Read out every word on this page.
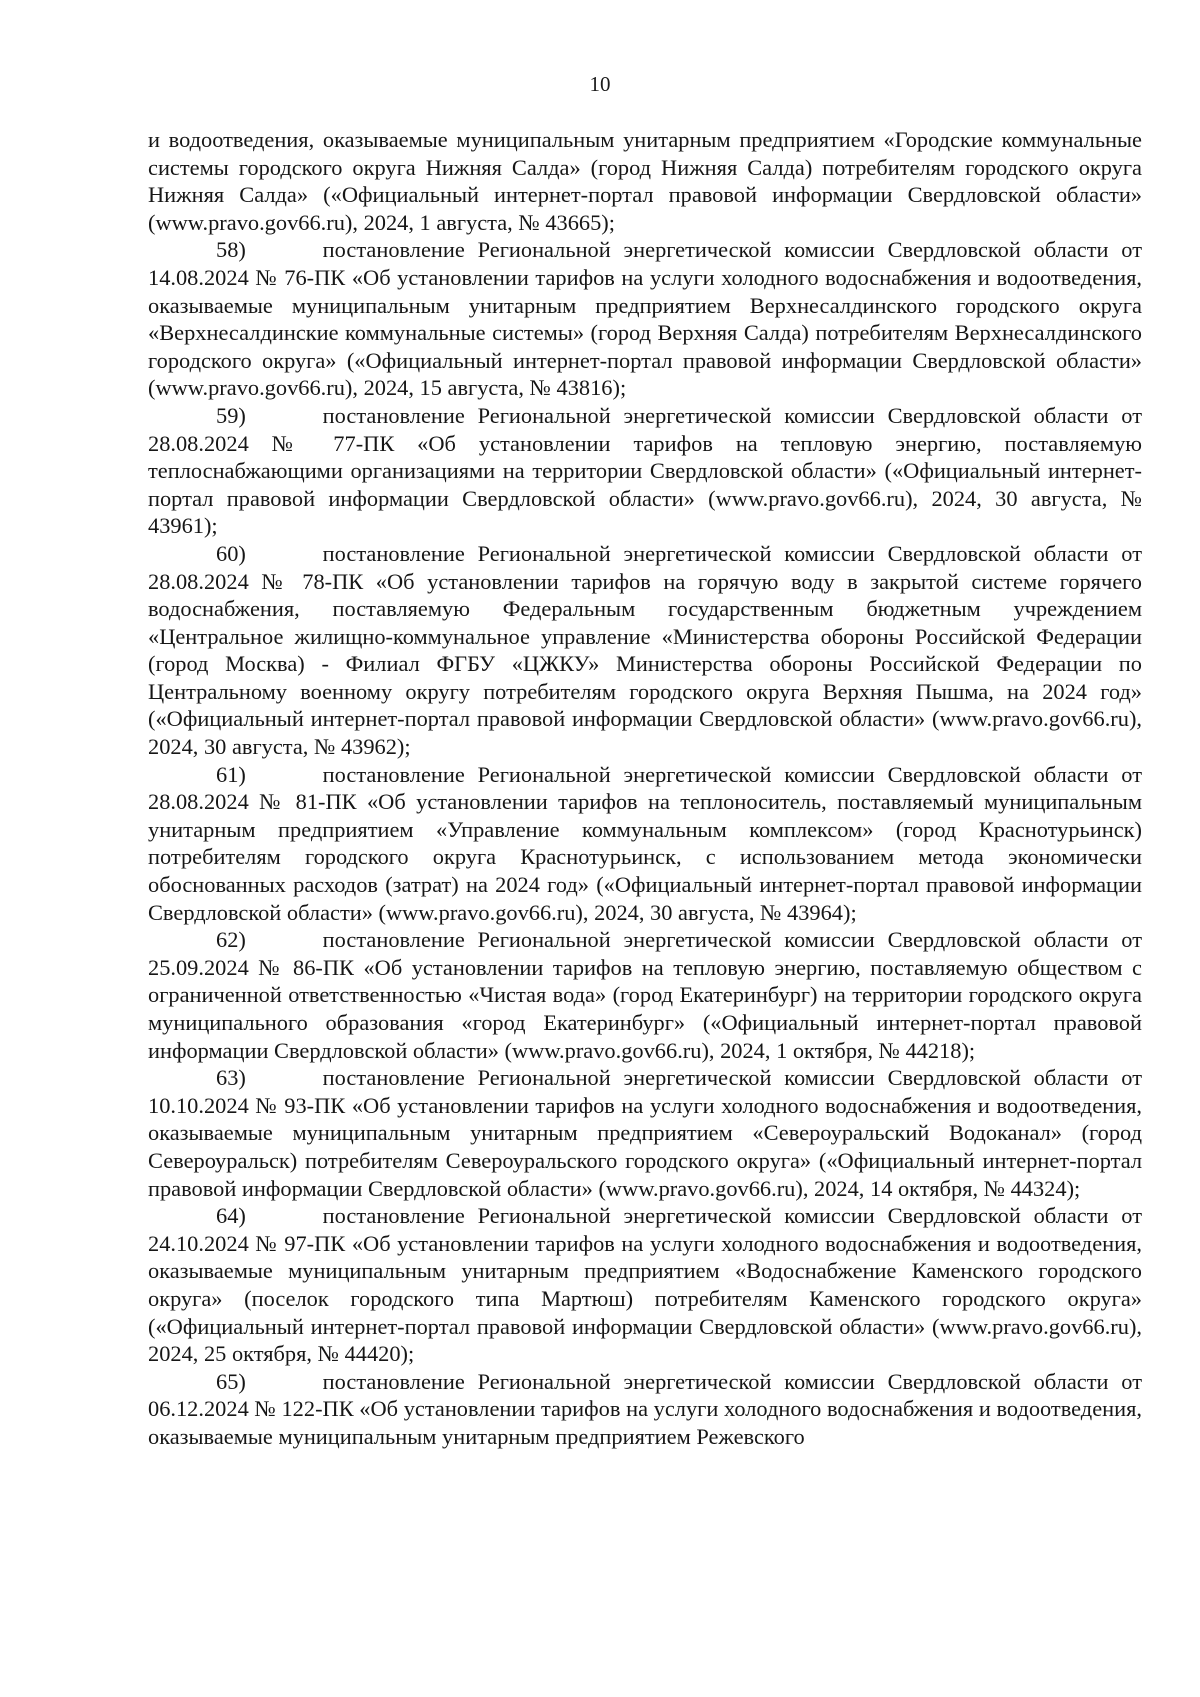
10

и водоотведения, оказываемые муниципальным унитарным предприятием «Городские коммунальные системы городского округа Нижняя Салда» (город Нижняя Салда) потребителям городского округа Нижняя Салда» («Официальный интернет-портал правовой информации Свердловской области» (www.pravo.gov66.ru), 2024, 1 августа, № 43665);

58)	постановление Региональной энергетической комиссии Свердловской области от 14.08.2024 № 76-ПК «Об установлении тарифов на услуги холодного водоснабжения и водоотведения, оказываемые муниципальным унитарным предприятием Верхнесалдинского городского округа «Верхнесалдинские коммунальные системы» (город Верхняя Салда) потребителям Верхнесалдинского городского округа» («Официальный интернет-портал правовой информации Свердловской области» (www.pravo.gov66.ru), 2024, 15 августа, № 43816);

59)	постановление Региональной энергетической комиссии Свердловской области от 28.08.2024 № 77-ПК «Об установлении тарифов на тепловую энергию, поставляемую теплоснабжающими организациями на территории Свердловской области» («Официальный интернет-портал правовой информации Свердловской области» (www.pravo.gov66.ru), 2024, 30 августа, № 43961);

60)	постановление Региональной энергетической комиссии Свердловской области от 28.08.2024 № 78-ПК «Об установлении тарифов на горячую воду в закрытой системе горячего водоснабжения, поставляемую Федеральным государственным бюджетным учреждением «Центральное жилищно-коммунальное управление «Министерства обороны Российской Федерации (город Москва) - Филиал ФГБУ «ЦЖКУ» Министерства обороны Российской Федерации по Центральному военному округу потребителям городского округа Верхняя Пышма, на 2024 год» («Официальный интернет-портал правовой информации Свердловской области» (www.pravo.gov66.ru), 2024, 30 августа, № 43962);

61)	постановление Региональной энергетической комиссии Свердловской области от 28.08.2024 № 81-ПК «Об установлении тарифов на теплоноситель, поставляемый муниципальным унитарным предприятием «Управление коммунальным комплексом» (город Краснотурьинск) потребителям городского округа Краснотурьинск, с использованием метода экономически обоснованных расходов (затрат) на 2024 год» («Официальный интернет-портал правовой информации Свердловской области» (www.pravo.gov66.ru), 2024, 30 августа, № 43964);

62)	постановление Региональной энергетической комиссии Свердловской области от 25.09.2024 № 86-ПК «Об установлении тарифов на тепловую энергию, поставляемую обществом с ограниченной ответственностью «Чистая вода» (город Екатеринбург) на территории городского округа муниципального образования «город Екатеринбург» («Официальный интернет-портал правовой информации Свердловской области» (www.pravo.gov66.ru), 2024, 1 октября, № 44218);

63)	постановление Региональной энергетической комиссии Свердловской области от 10.10.2024 № 93-ПК «Об установлении тарифов на услуги холодного водоснабжения и водоотведения, оказываемые муниципальным унитарным предприятием «Североуральский Водоканал» (город Североуральск) потребителям Североуральского городского округа» («Официальный интернет-портал правовой информации Свердловской области» (www.pravo.gov66.ru), 2024, 14 октября, № 44324);

64)	постановление Региональной энергетической комиссии Свердловской области от 24.10.2024 № 97-ПК «Об установлении тарифов на услуги холодного водоснабжения и водоотведения, оказываемые муниципальным унитарным предприятием «Водоснабжение Каменского городского округа» (поселок городского типа Мартюш) потребителям Каменского городского округа» («Официальный интернет-портал правовой информации Свердловской области» (www.pravo.gov66.ru), 2024, 25 октября, № 44420);

65)	постановление Региональной энергетической комиссии Свердловской области от 06.12.2024 № 122-ПК «Об установлении тарифов на услуги холодного водоснабжения и водоотведения, оказываемые муниципальным унитарным предприятием Режевского
